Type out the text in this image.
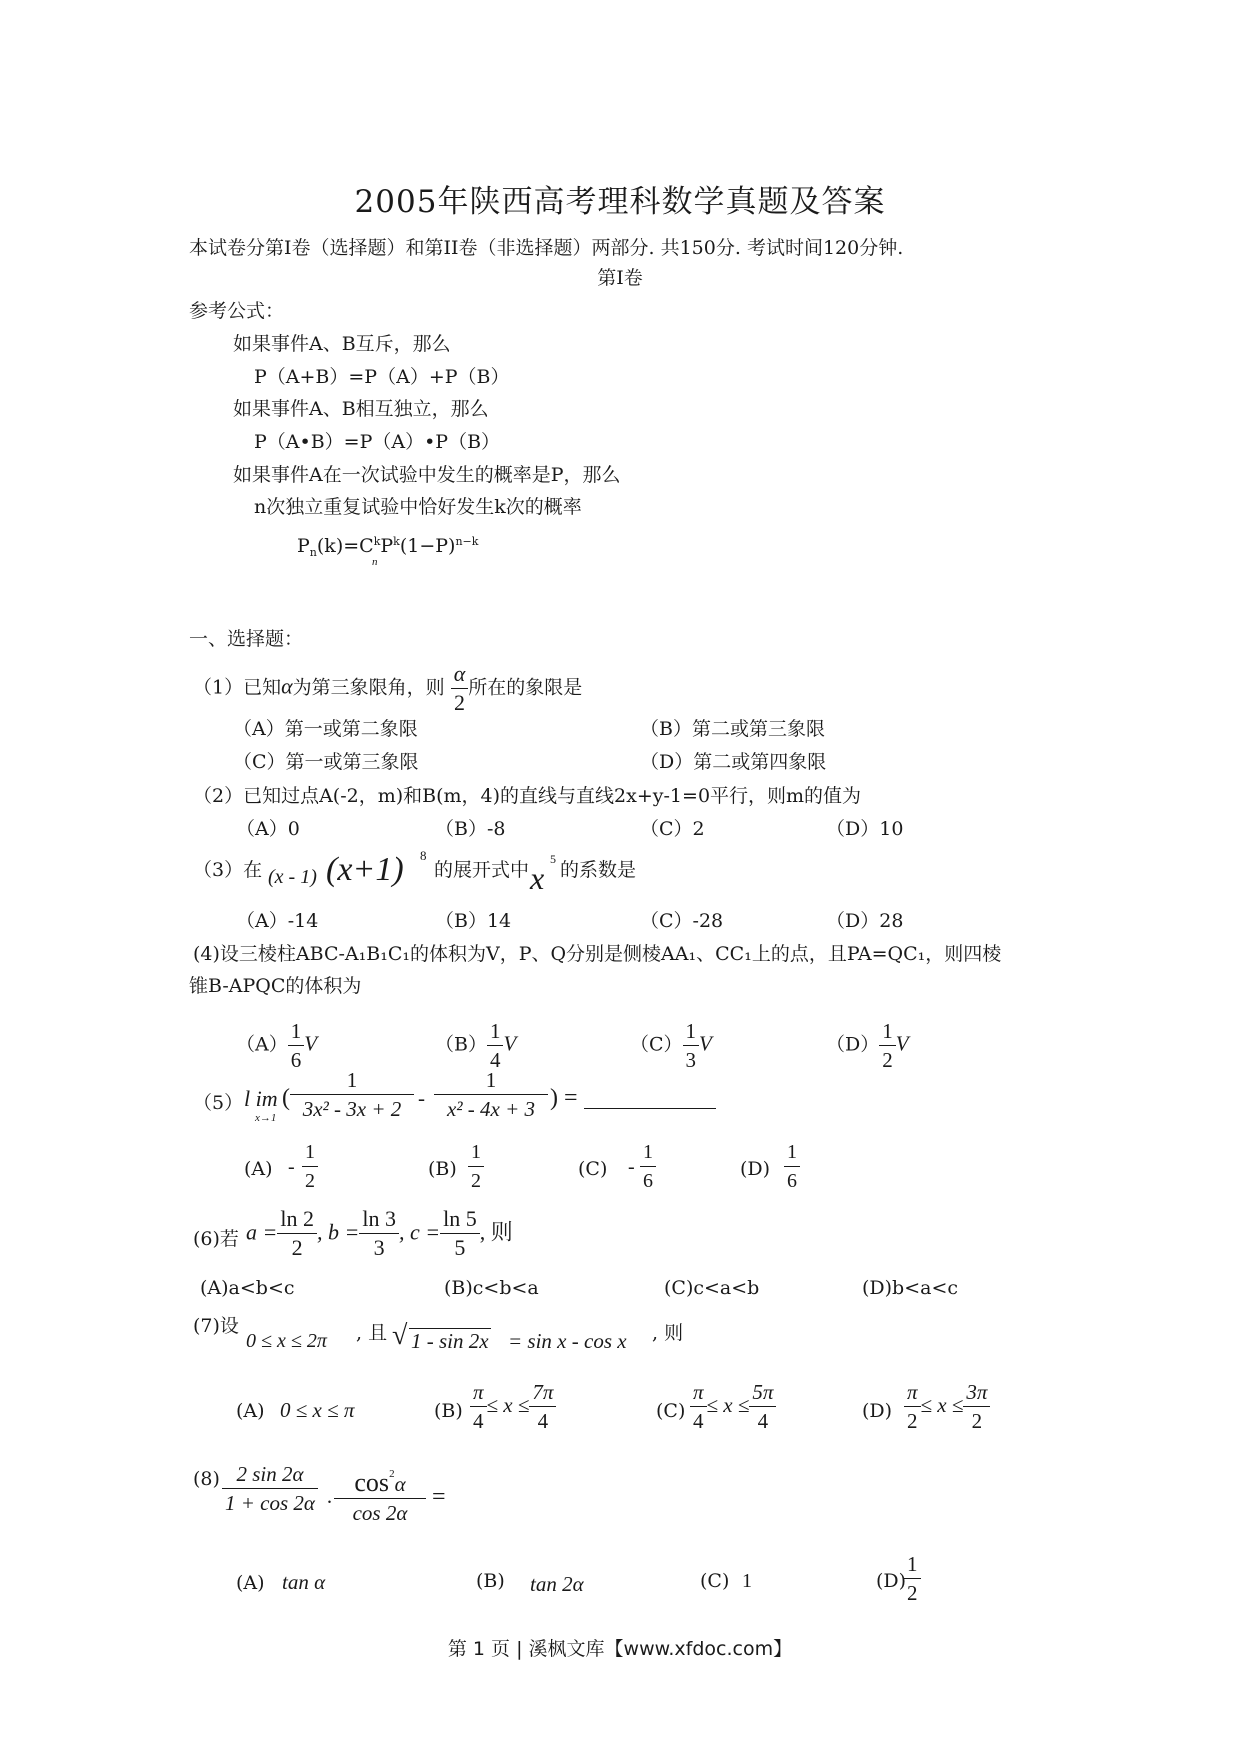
2005年陕西高考理科数学真题及答案
本试卷分第I卷（选择题）和第II卷（非选择题）两部分. 共150分. 考试时间120分钟.
第I卷
参考公式：
如果事件A、B互斥，那么
P（A+B）=P（A）+P（B）
如果事件A、B相互独立，那么
P（A•B）=P（A）•P（B）
如果事件A在一次试验中发生的概率是P，那么
n次独立重复试验中恰好发生k次的概率
$P_n(k)=C^kP^k(1-P)^{n-k}$
n
一、选择题：
（1）已知α为第三象限角，则 $\frac{\alpha}{2}$ 所在的象限是
（A）第一或第二象限	（B）第二或第三象限
（C）第一或第三象限	（D）第二或第四象限
（2）已知过点A(-2，m)和B(m，4)的直线与直线2x+y-1=0平行，则m的值为
（A）0	（B）-8	（C）2	（D）10
（3）在 (x - 1) (x+1) 8
的展开式中 x
5 的系数是
（A）-14	（B）14	（C）-28	（D）28
(4)设三棱柱ABC-A₁B₁C₁的体积为V，P、Q分别是侧棱AA₁、CC₁上的点，且PA=QC₁，则四棱
锥B-APQC的体积为
$(A) \frac{1}{6}$ V	$(B) \frac{1}{4}$ V	$(C) \frac{1}{3}$ V	$(D) \frac{1}{2}$ V
（5） l im
x→1
( $\frac{1}{\text{3x² - 3x + 2}} - \frac{1}{\text{x² - 4x + 3}}$ ) =
$(A) - \frac{1}{2}$	$(B) \frac{1}{2}$	$(C) - \frac{1}{6}$	$(D) \frac{1}{6}$
(6)若 $a = \frac{\ln 2}{2}$ , $b = \frac{\ln 3}{3}$ , $c = \frac{\ln 5}{5}$ , 则
(A)a<b<c	(B)c<b<a	(C)c<a<b	(D)b<a<c
(7)设
0 ≤ x ≤ 2π , 且 √ 1 - sin 2x = sin x - cos x , 则
(A) 0 ≤ x ≤ π	$(B) \frac{\pi}{4} \le x \le \frac{7\pi}{4}$	$(C) \frac{\pi}{4} \le x \le \frac{5\pi}{4}$	$(D) \frac{\pi}{2} \le x \le \frac{3\pi}{2}$
$(8) \frac{2 \sin 2\alpha}{1 + \cos 2\alpha} \cdot \frac{\cos^2\alpha}{\cos 2\alpha}$ =
(A) tan α	(B) tan 2α	(C) 1	(D)
$\frac{1}{2}$
第 1 页 | 溪枫文库【www.xfdoc.com】
